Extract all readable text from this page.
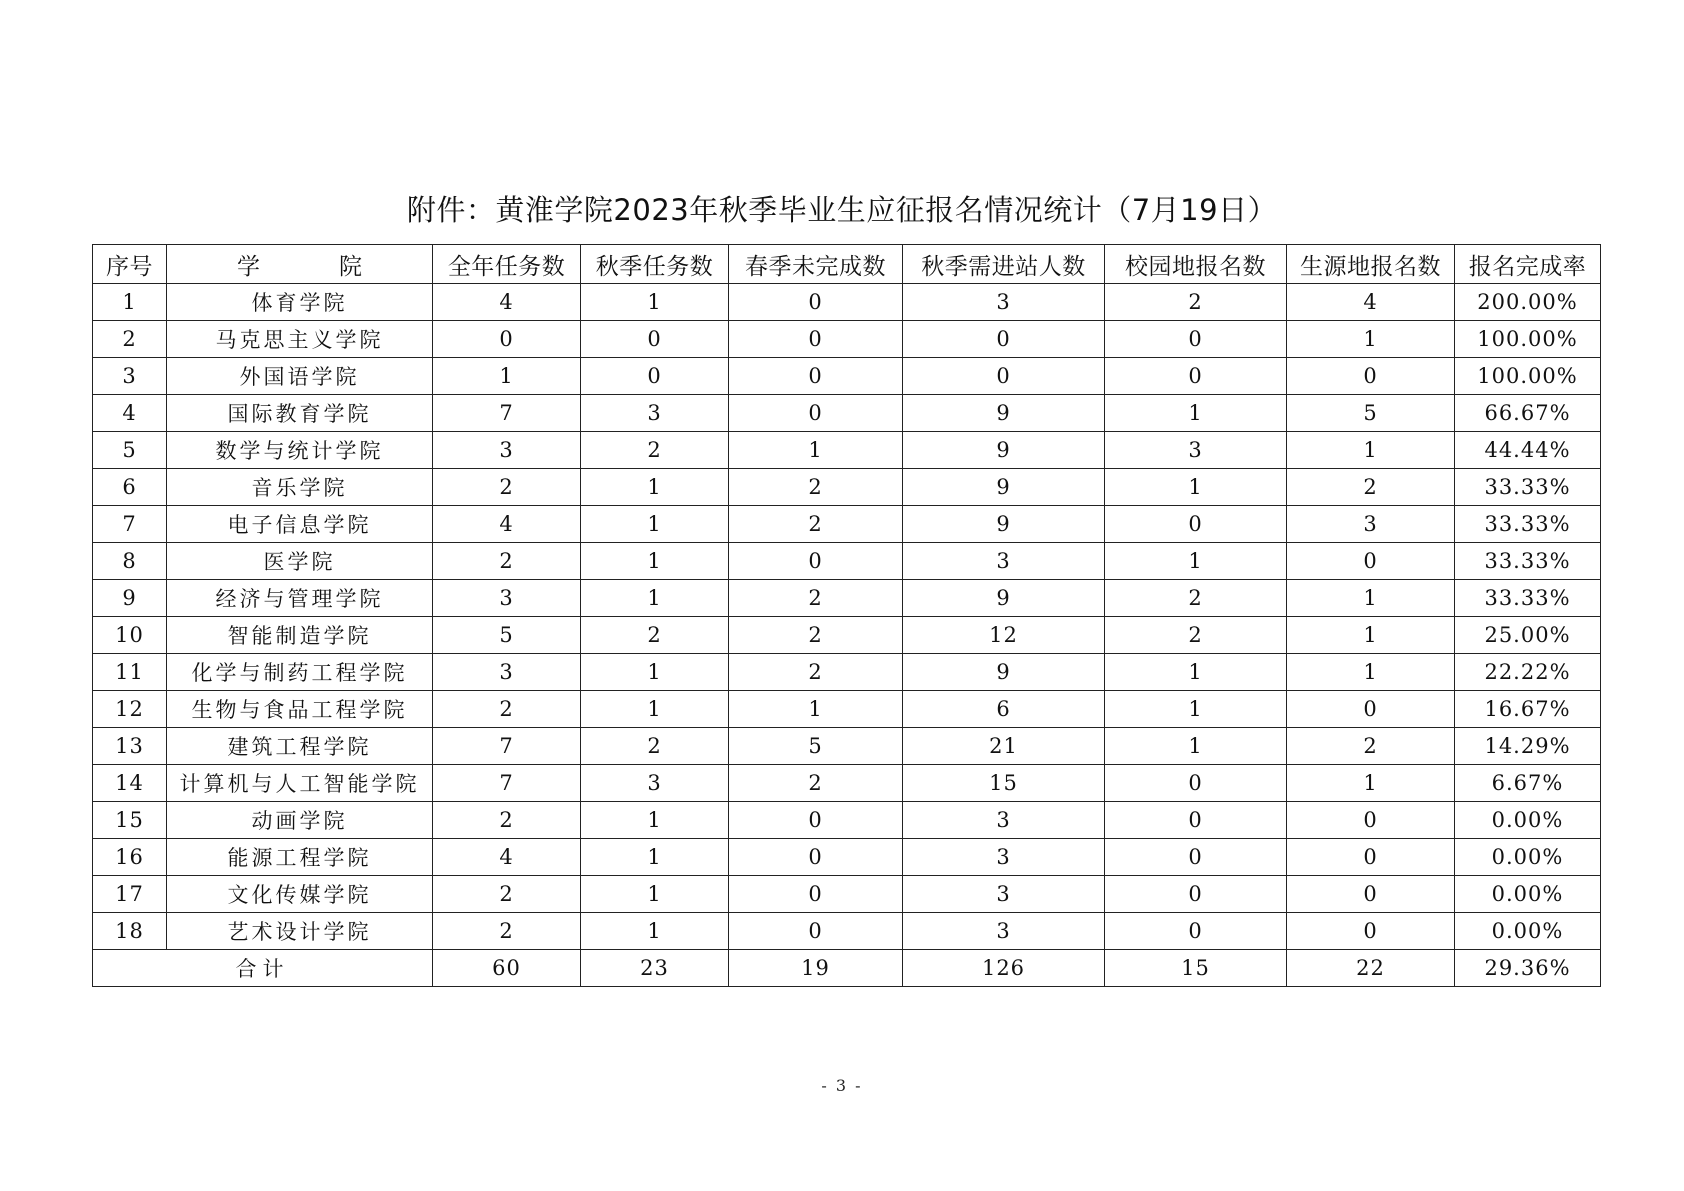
附件：黄淮学院2023年秋季毕业生应征报名情况统计（7月19日）
序号	学　院	全年任务数	秋季任务数	春季未完成数	秋季需进站人数	校园地报名数	生源地报名数	报名完成率
1	体育学院	4	1	0	3	2	4	200.00%
2	马克思主义学院	0	0	0	0	0	1	100.00%
3	外国语学院	1	0	0	0	0	0	100.00%
4	国际教育学院	7	3	0	9	1	5	66.67%
5	数学与统计学院	3	2	1	9	3	1	44.44%
6	音乐学院	2	1	2	9	1	2	33.33%
7	电子信息学院	4	1	2	9	0	3	33.33%
8	医学院	2	1	0	3	1	0	33.33%
9	经济与管理学院	3	1	2	9	2	1	33.33%
10	智能制造学院	5	2	2	12	2	1	25.00%
11	化学与制药工程学院	3	1	2	9	1	1	22.22%
12	生物与食品工程学院	2	1	1	6	1	0	16.67%
13	建筑工程学院	7	2	5	21	1	2	14.29%
14	计算机与人工智能学院	7	3	2	15	0	1	6.67%
15	动画学院	2	1	0	3	0	0	0.00%
16	能源工程学院	4	1	0	3	0	0	0.00%
17	文化传媒学院	2	1	0	3	0	0	0.00%
18	艺术设计学院	2	1	0	3	0	0	0.00%
合计		60	23	19	126	15	22	29.36%
- 3 -
